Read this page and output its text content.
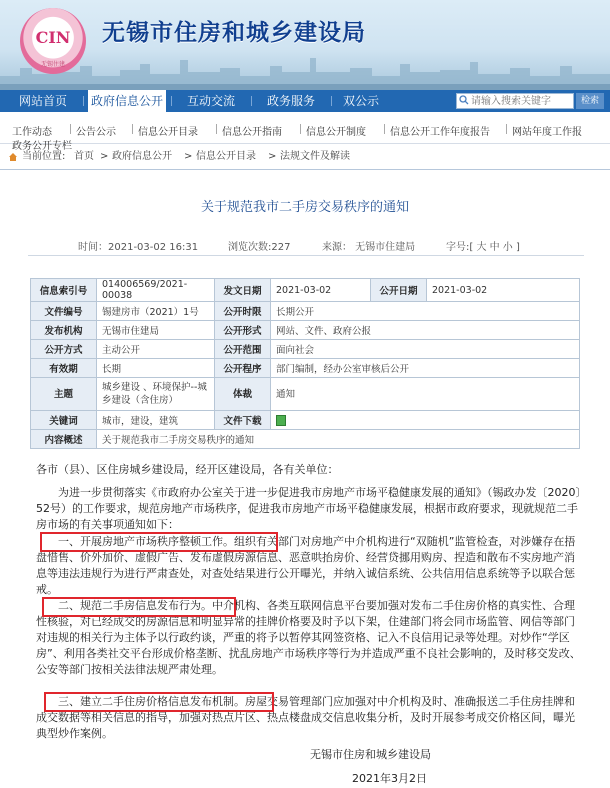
CIN
无锡住建
无锡市住房和城乡建设局
网站首页	政府信息公开	互动交流	政务服务	双公示
请输入搜索关键字	检索
工作动态 公告公示 信息公开目录 信息公开指南 信息公开制度 信息公开工作年度报告 网站年度工作报
政务公开专栏
当前位置: 首页 > 政府信息公开 > 信息公开目录 > 法规文件及解读
关于规范我市二手房交易秩序的通知
时间：2021-03-02 16:31	浏览次数:227	来源： 无锡市住建局	字号:[ 大 中 小 ]
信息索引号	014006569/2021-00038	发文日期	2021-03-02	公开日期	2021-03-02
文件编号	锡建房市（2021）1号	公开时限	长期公开		
发布机构	无锡市住建局	公开形式	网站、文件、政府公报		
公开方式	主动公开	公开范围	面向社会		
有效期	长期	公开程序	部门编制，经办公室审核后公开		
主题	城乡建设 、环境保护--城乡建设（含住房）	体裁	通知		
关键词	城市，建设，建筑	文件下载			
内容概述	关于规范我市二手房交易秩序的通知				
各市（县）、区住房城乡建设局，经开区建设局，各有关单位：
为进一步贯彻落实《市政府办公室关于进一步促进我市房地产市场平稳健康发展的通知》（锡政办发〔2020〕52号）的工作要求，规范房地产市场秩序，促进我市房地产市场平稳健康发展，根据市政府要求，现就规范二手房市场的有关事项通知如下：
一、开展房地产市场秩序整顿工作。组织有关部门对房地产中介机构进行“双随机”监管检查，对涉嫌存在捂盘惜售、价外加价、虚假广告、发布虚假房源信息、恶意哄抬房价、经营贷挪用购房、捏造和散布不实房地产消息等违法违规行为进行严肃查处，对查处结果进行公开曝光，并纳入诚信系统、公共信用信息系统等予以联合惩戒。
二、规范二手房信息发布行为。中介机构、各类互联网信息平台要加强对发布二手住房价格的真实性、合理性核验，对已经成交的房源信息和明显异常的挂牌价格要及时予以下架，住建部门将会同市场监管、网信等部门对违规的相关行为主体予以行政约谈，严重的将予以暂停其网签资格、记入不良信用记录等处理。对炒作“学区房”、利用各类社交平台形成价格垄断、扰乱房地产市场秩序等行为并造成严重不良社会影响的，及时移交发改、公安等部门按相关法律法规严肃处理。
三、建立二手住房价格信息发布机制。房屋交易管理部门应加强对中介机构及时、准确报送二手住房挂牌和成交数据等相关信息的指导，加强对热点片区、热点楼盘成交信息收集分析，及时开展参考成交价格区间，曝光典型炒作案例。
无锡市住房和城乡建设局
2021年3月2日
